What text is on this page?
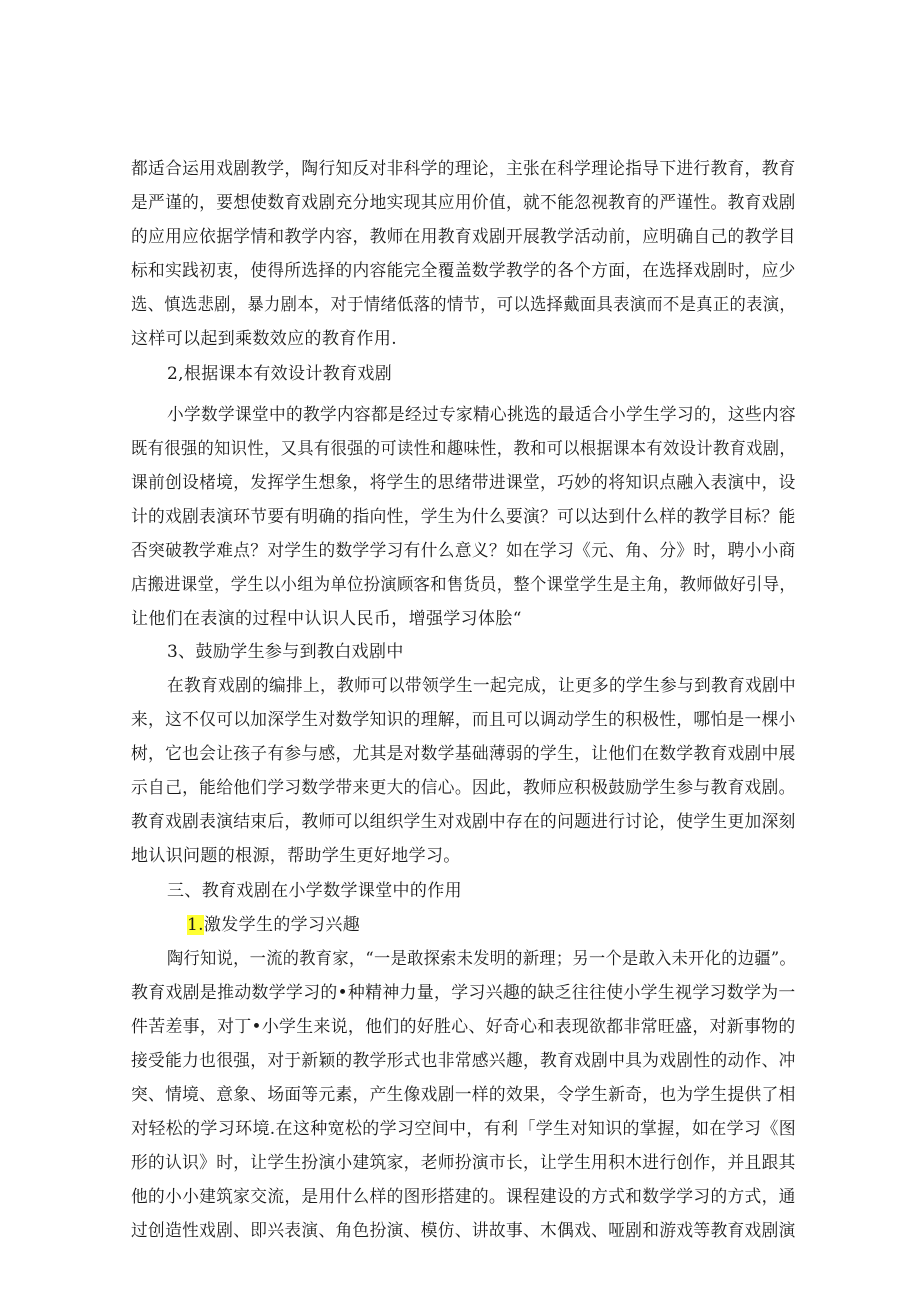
都适合运用戏剧教学，陶行知反对非科学的理论，主张在科学理论指导下进行教育，教育
是严谨的，要想使数育戏剧充分地实现其应用价值，就不能忽视教育的严谨性。教育戏剧
的应用应依据学情和教学内容，教师在用教育戏剧开展教学活动前，应明确自己的教学目
标和实践初衷，使得所选择的内容能完全覆盖数学教学的各个方面，在选择戏剧时，应少
选、慎选悲剧，暴力剧本，对于情绪低落的情节，可以选择戴面具表演而不是真正的表演，
这样可以起到乘数效应的教育作用.
2,根据课本有效设计教育戏剧
小学数学课堂中的教学内容都是经过专家精心挑选的最适合小学生学习的，这些内容
既有很强的知识性，又具有很强的可读性和趣味性，教和可以根据课本有效设计教育戏剧，
课前创设楮境，发挥学生想象，将学生的思绪带进课堂，巧妙的将知识点融入表演中，设
计的戏剧表演环节要有明确的指向性，学生为什么要演？可以达到什么样的教学目标？能
否突破教学难点？对学生的数学学习有什么意义？如在学习《元、角、分》时，聘小小商
店搬进课堂，学生以小组为单位扮演顾客和售货员，整个课堂学生是主角，教师做好引导，
让他们在表演的过程中认识人民币，增强学习体脍“
3、鼓励学生参与到教白戏剧中
在教育戏剧的编排上，教师可以带领学生一起完成，让更多的学生参与到教育戏剧中
来，这不仅可以加深学生对数学知识的理解，而且可以调动学生的积极性，哪怕是一棵小
树，它也会让孩子有参与感，尤其是对数学基础薄弱的学生，让他们在数学教育戏剧中展
示自己，能给他们学习数学带来更大的信心。因此，教师应积极鼓励学生参与教育戏剧。
教育戏剧表演结束后，教师可以组织学生对戏剧中存在的问题进行讨论，使学生更加深刻
地认识问题的根源，帮助学生更好地学习。
三、教育戏剧在小学数学课堂中的作用
1.激发学生的学习兴趣
陶行知说，一流的教育家，“一是敢探索未发明的新理；另一个是敢入未开化的边疆”。
教育戏剧是推动数学学习的•种精神力量，学习兴趣的缺乏往往使小学生视学习数学为一
件苦差事，对丁•小学生来说，他们的好胜心、好奇心和表现欲都非常旺盛，对新事物的
接受能力也很强，对于新颖的教学形式也非常感兴趣，教育戏剧中具为戏剧性的动作、冲
突、情境、意象、场面等元素，产生像戏剧一样的效果，令学生新奇，也为学生提供了相
对轻松的学习环境.在这种宽松的学习空间中，有利「学生对知识的掌握，如在学习《图
形的认识》时，让学生扮演小建筑家，老师扮演市长，让学生用积木进行创作，并且跟其
他的小小建筑家交流，是用什么样的图形搭建的。课程建设的方式和数学学习的方式，通
过创造性戏剧、即兴表演、角色扮演、模仿、讲故事、木偶戏、哑剧和游戏等教育戏剧演
